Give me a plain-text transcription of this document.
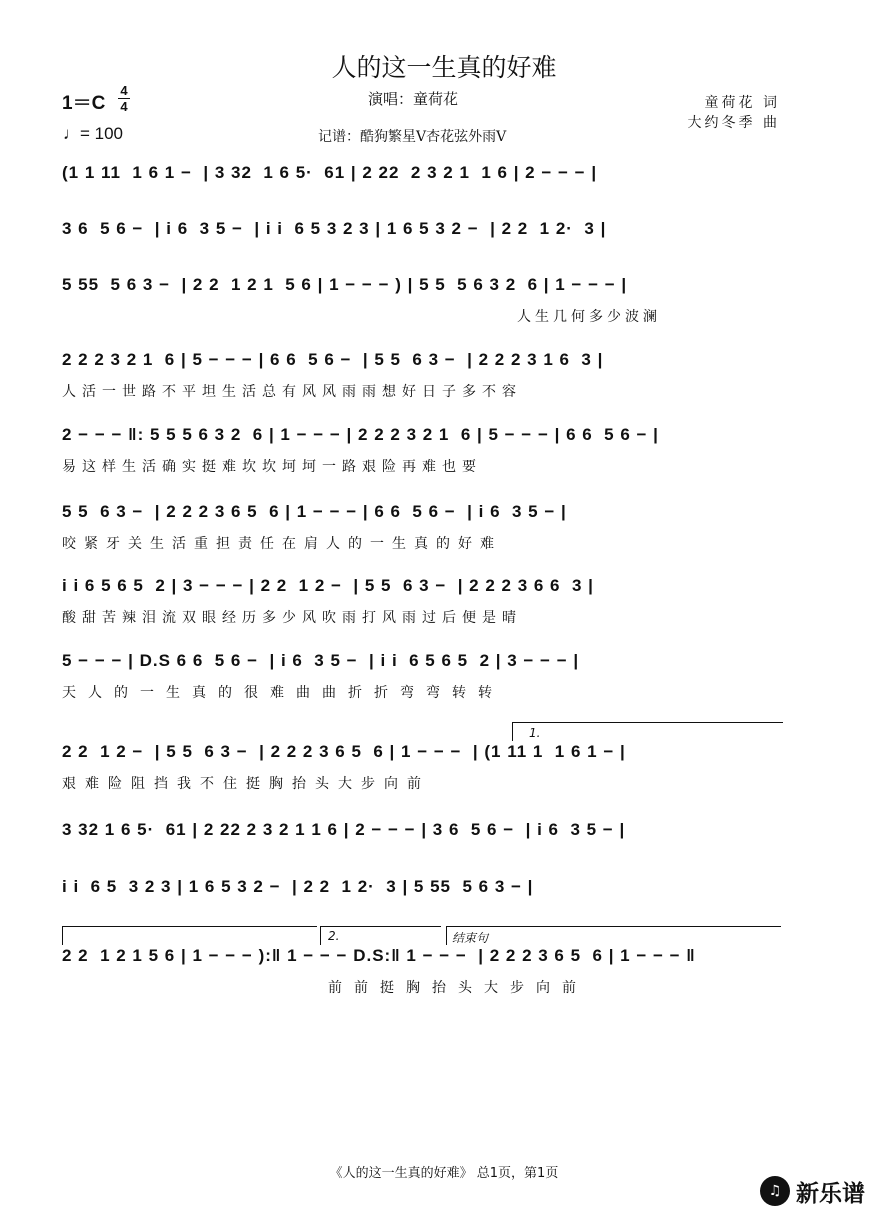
人的这一生真的好难
1＝C
4
4
♩= 100
演唱：童荷花	童荷花 词
大约冬季 曲
记谱：酷狗繁星V杏花弦外雨V
(1 1 11  1 6 1 −  | 3 32  1 6 5·  61 | 2 22  2 3 2 1  1 6 | 2 − − − |
3 6  5 6 −  | i 6  3 5 −  | i i  6 5 3 2 3 | 1 6 5 3 2 −  | 2 2  1 2·  3 |
5 55  5 6 3 −  | 2 2  1 2 1  5 6 | 1 − − − ) | 5 5  5 6 3 2  6 | 1 − − − |
人生几何多少波澜
2 2 2 3 2 1  6 | 5 − − − | 6 6  5 6 −  | 5 5  6 3 −  | 2 2 2 3 1 6  3 |
人活一世路不平坦生活总有风风雨雨想好日子多不容
2 − − − ‖: 5 5 5 6 3 2  6 | 1 − − − | 2 2 2 3 2 1  6 | 5 − − − | 6 6  5 6 − |
易这样生活确实挺难坎坎坷坷一路艰险再难也要
5 5  6 3 −  | 2 2 2 3 6 5  6 | 1 − − − | 6 6  5 6 −  | i 6  3 5 − |
咬紧牙关生活重担责任在肩人的一生真的好难
i i 6 5 6 5  2 | 3 − − − | 2 2  1 2 −  | 5 5  6 3 −  | 2 2 2 3 6 6  3 |
酸甜苦辣泪流双眼经历多少风吹雨打风雨过后便是晴
5 − − − | D.S 6 6  5 6 −  | i 6  3 5 −  | i i  6 5 6 5  2 | 3 − − − |
天人的一生真的很难曲曲折折弯弯转转
1.
2 2  1 2 −  | 5 5  6 3 −  | 2 2 2 3 6 5  6 | 1 − − −  | (1 11 1  1 6 1 − |
艰难险阻挡我不住挺胸抬头大步向前
3 32 1 6 5·  61 | 2 22 2 3 2 1 1 6 | 2 − − − | 3 6  5 6 −  | i 6  3 5 − |
i i  6 5  3 2 3 | 1 6 5 3 2 −  | 2 2  1 2·  3 | 5 55  5 6 3 − |
2.	结束句
2 2  1 2 1 5 6 | 1 − − − ):‖ 1 − − − D.S:‖ 1 − − −  | 2 2 2 3 6 5  6 | 1 − − − ‖
前前挺胸抬头大步向前
《人的这一生真的好难》 总1页，第1页
♫ 新乐谱
